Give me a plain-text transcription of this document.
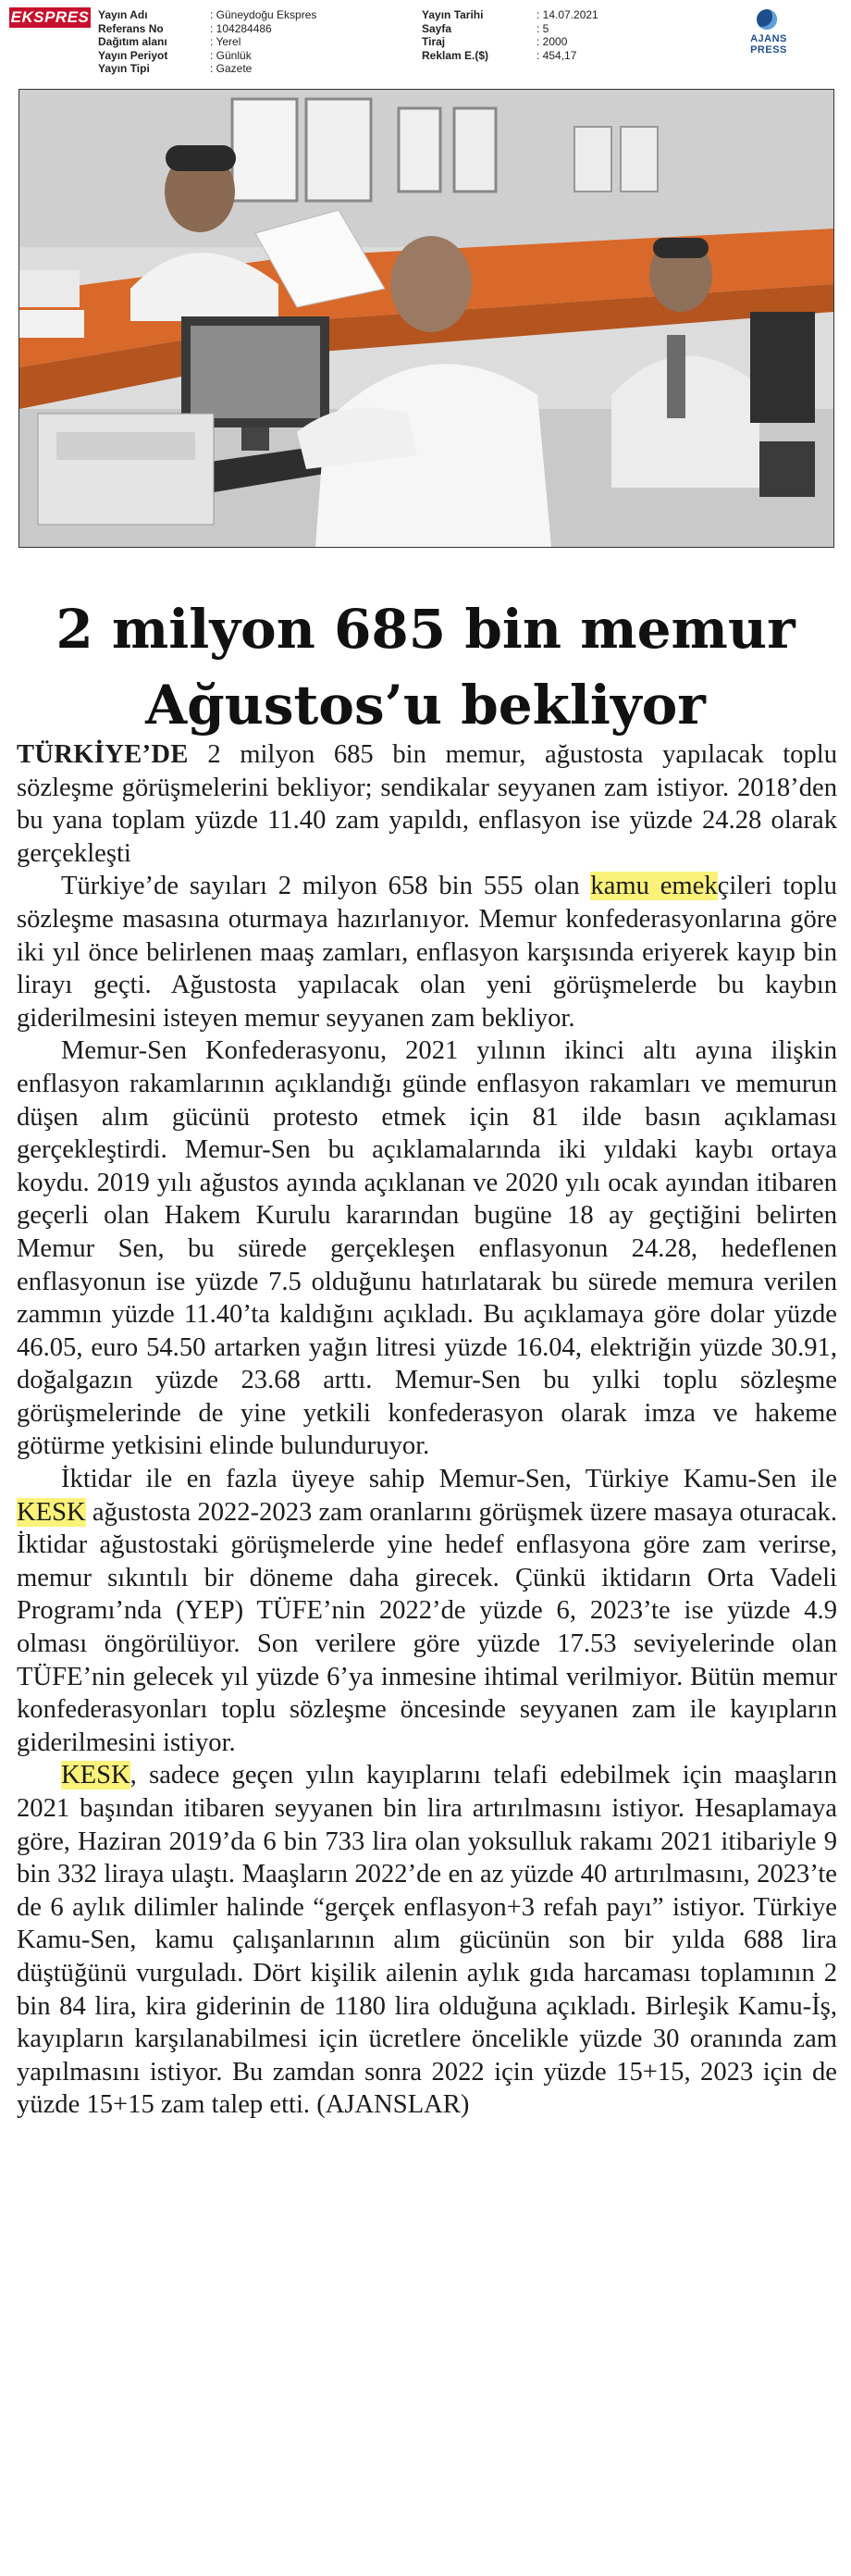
EKSPRES Yayın Adı	: Güneydoğu Ekspres
Referans No	: 104284486
Dağıtım alanı	: Yerel
Yayın Periyot	: Günlük
Yayın Tipi	: Gazete
Yayın Tarihi	: 14.07.2021
Sayfa	: 5
Tiraj	: 2000
Reklam E.($)	: 454,17
AJANS PRESS
2 milyon 685 bin memur
Ağustos’u bekliyor

TÜRKİYE’DE 2 milyon 685 bin memur, ağustosta yapılacak toplu sözleşme görüşmelerini bekliyor; sendikalar seyyanen zam istiyor. 2018’den bu yana toplam yüzde 11.40 zam yapıldı, enflasyon ise yüzde 24.28 olarak gerçekleşti

Türkiye’de sayıları 2 milyon 658 bin 555 olan kamu emekçileri toplu sözleşme masasına oturmaya hazırlanıyor. Memur konfederasyonlarına göre iki yıl önce belirlenen maaş zamları, enflasyon karşısında eriyerek kayıp bin lirayı geçti. Ağustosta yapılacak olan yeni görüşmelerde bu kaybın giderilmesini isteyen memur seyyanen zam bekliyor.

Memur-Sen Konfederasyonu, 2021 yılının ikinci altı ayına ilişkin enflasyon rakamlarının açıklandığı günde enflasyon rakamları ve memurun düşen alım gücünü protesto etmek için 81 ilde basın açıklaması gerçekleştirdi. Memur-Sen bu açıklamalarında iki yıldaki kaybı ortaya koydu. 2019 yılı ağustos ayında açıklanan ve 2020 yılı ocak ayından itibaren geçerli olan Hakem Kurulu kararından bugüne 18 ay geçtiğini belirten Memur Sen, bu sürede gerçekleşen enflasyonun 24.28, hedeflenen enflasyonun ise yüzde 7.5 olduğunu hatırlatarak bu sürede memura verilen zammın yüzde 11.40’ta kaldığını açıkladı. Bu açıklamaya göre dolar yüzde 46.05, euro 54.50 artarken yağın litresi yüzde 16.04, elektriğin yüzde 30.91, doğalgazın yüzde 23.68 arttı. Memur-Sen bu yılki toplu sözleşme görüşmelerinde de yine yetkili konfederasyon olarak imza ve hakeme götürme yetkisini elinde bulunduruyor.

İktidar ile en fazla üyeye sahip Memur-Sen, Türkiye Kamu-Sen ile KESK ağustosta 2022-2023 zam oranlarını görüşmek üzere masaya oturacak. İktidar ağustostaki görüşmelerde yine hedef enflasyona göre zam verirse, memur sıkıntılı bir döneme daha girecek. Çünkü iktidarın Orta Vadeli Programı’nda (YEP) TÜFE’nin 2022’de yüzde 6, 2023’te ise yüzde 4.9 olması öngörülüyor. Son verilere göre yüzde 17.53 seviyelerinde olan TÜFE’nin gelecek yıl yüzde 6’ya inmesine ihtimal verilmiyor. Bütün memur konfederasyonları toplu sözleşme öncesinde seyyanen zam ile kayıpların giderilmesini istiyor.

KESK, sadece geçen yılın kayıplarını telafi edebilmek için maaşların 2021 başından itibaren seyyanen bin lira artırılmasını istiyor. Hesaplamaya göre, Haziran 2019’da 6 bin 733 lira olan yoksulluk rakamı 2021 itibariyle 9 bin 332 liraya ulaştı. Maaşların 2022’de en az yüzde 40 artırılmasını, 2023’te de 6 aylık dilimler halinde “gerçek enflasyon+3 refah payı” istiyor. Türkiye Kamu-Sen, kamu çalışanlarının alım gücünün son bir yılda 688 lira düştüğünü vurguladı. Dört kişilik ailenin aylık gıda harcaması toplamının 2 bin 84 lira, kira giderinin de 1180 lira olduğuna açıkladı. Birleşik Kamu-İş, kayıpların karşılanabilmesi için ücretlere öncelikle yüzde 30 oranında zam yapılmasını istiyor. Bu zamdan sonra 2022 için yüzde 15+15, 2023 için de yüzde 15+15 zam talep etti. (AJANSLAR)
